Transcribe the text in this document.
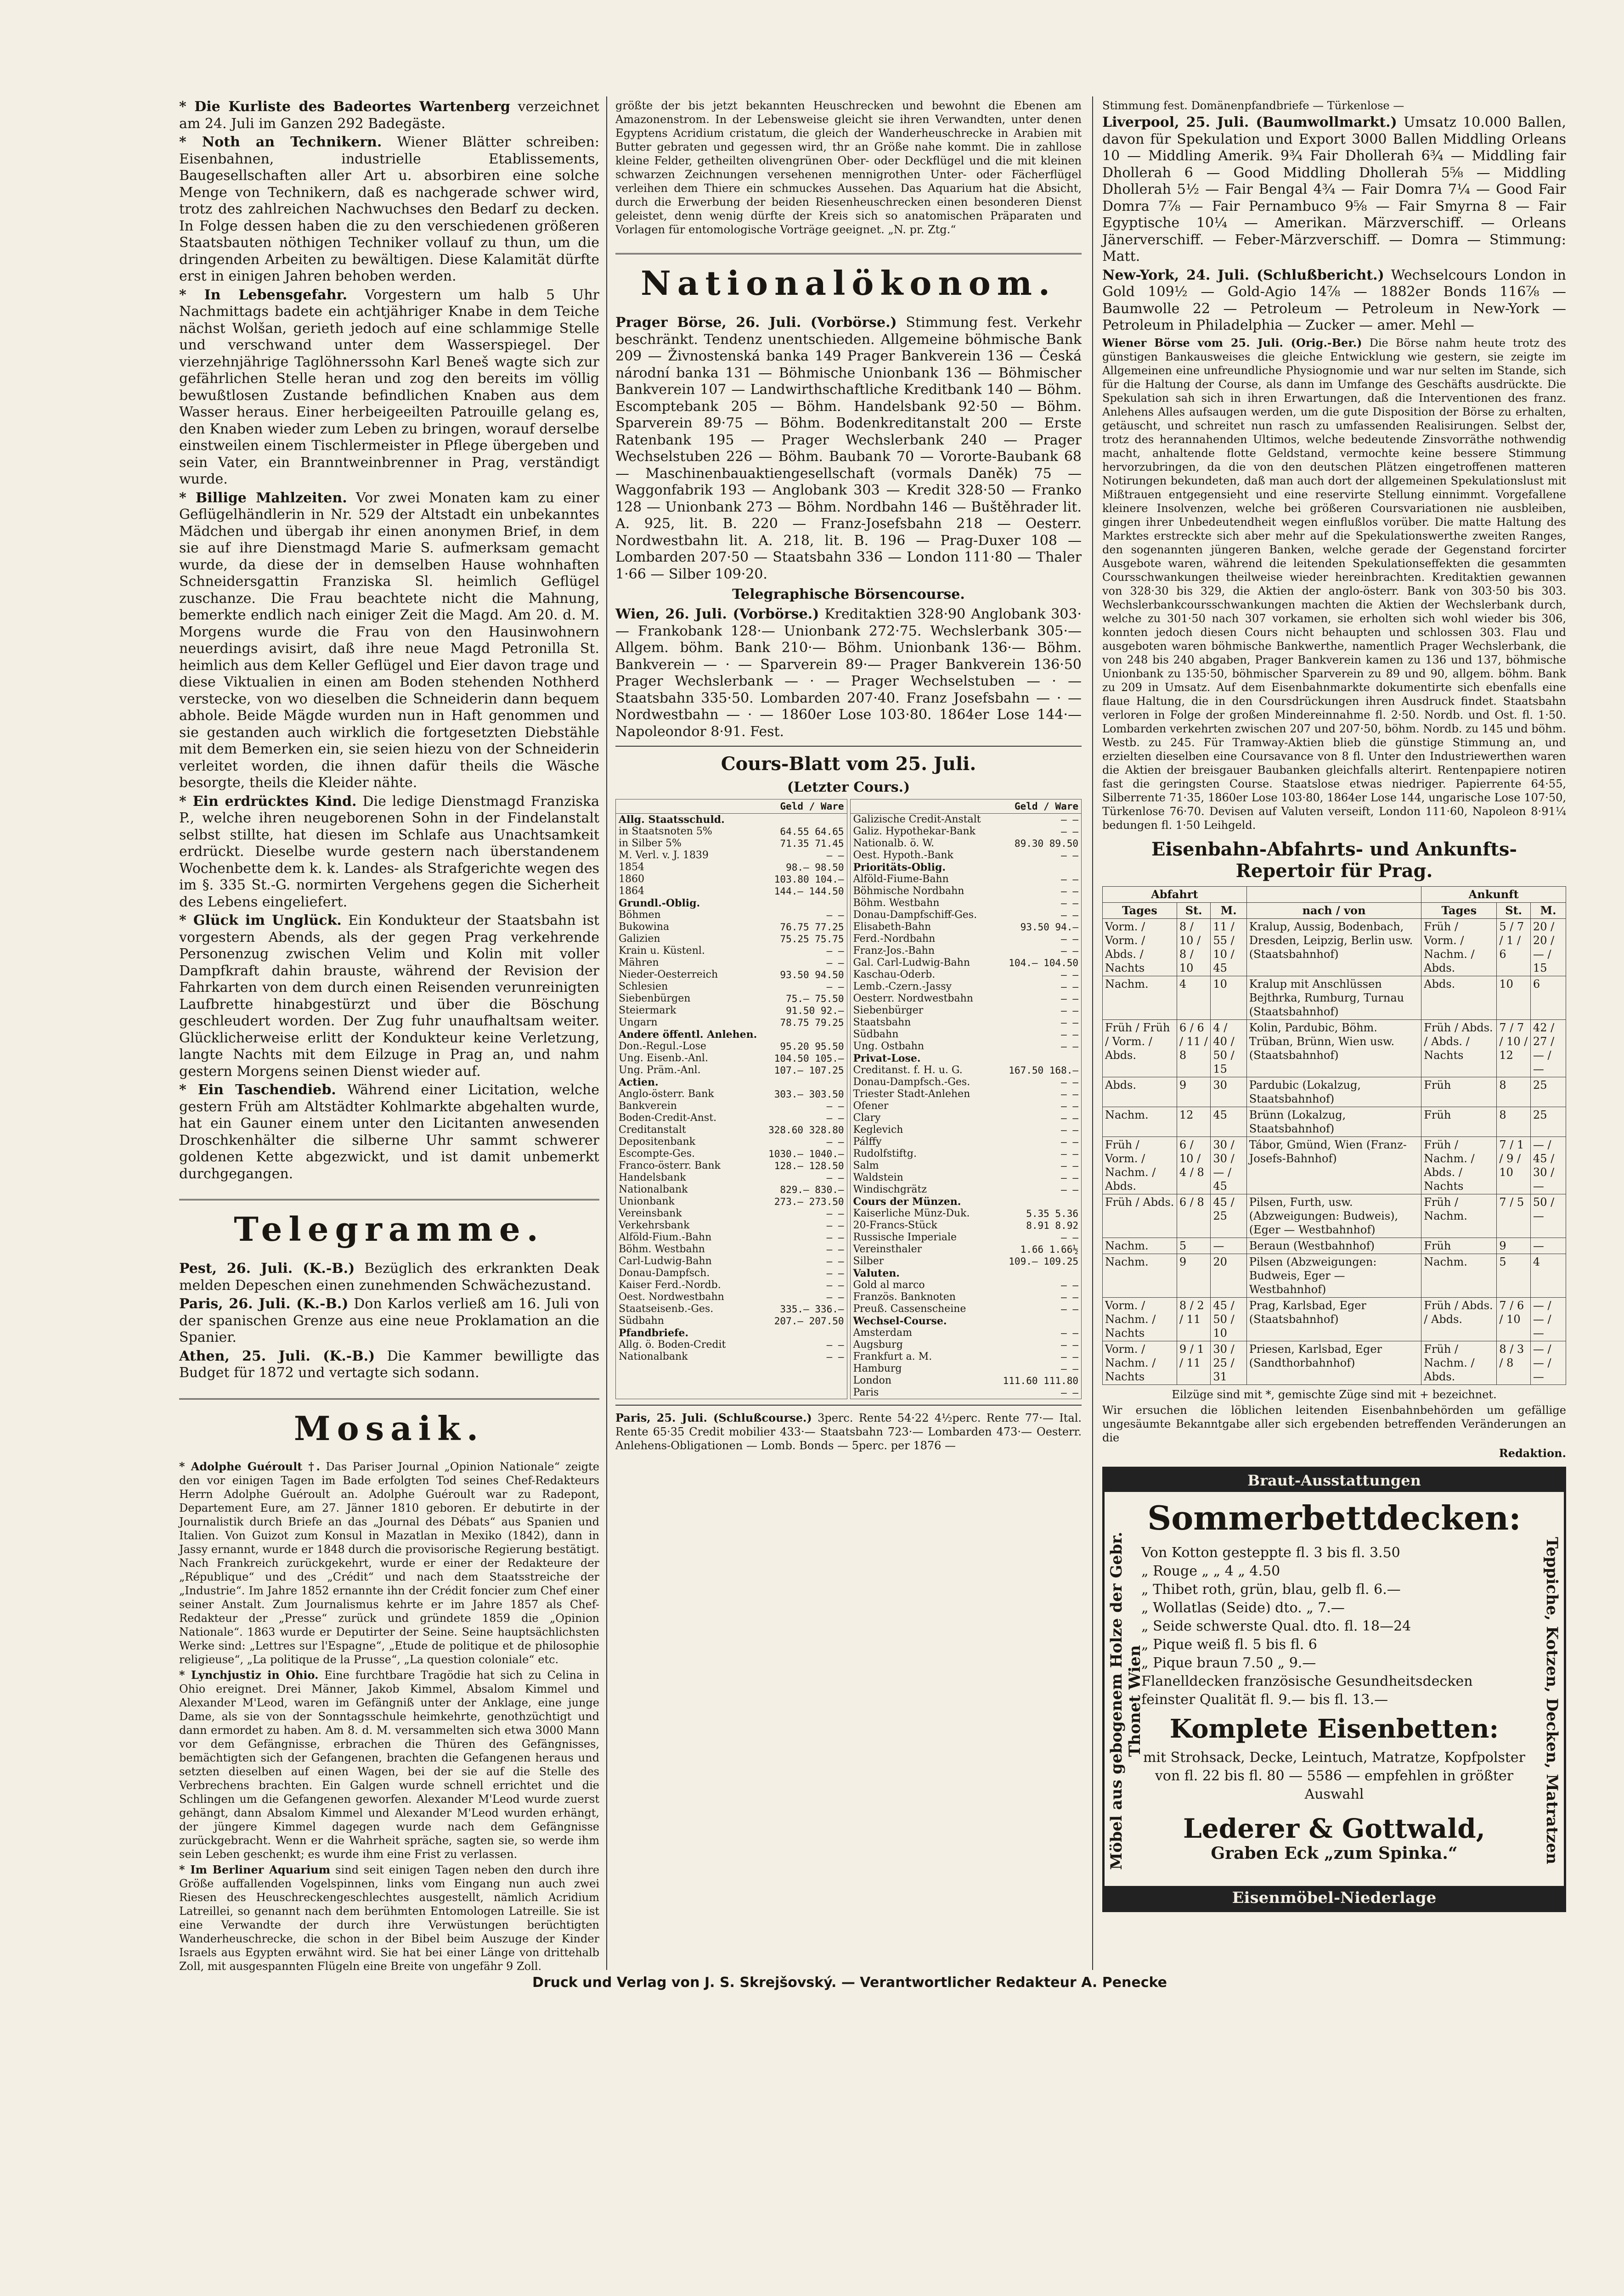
* Die Kurliste des Badeortes Wartenberg verzeichnet am 24. Juli im Ganzen 292 Badegäste.

* Noth an Technikern. Wiener Blätter schreiben: Eisenbahnen, industrielle Etablissements, Baugesellschaften aller Art u. absorbiren eine solche Menge von Technikern, daß es nachgerade schwer wird, trotz des zahlreichen Nachwuchses den Bedarf zu decken. In Folge dessen haben die zu den verschiedenen größeren Staatsbauten nöthigen Techniker vollauf zu thun, um die dringenden Arbeiten zu bewältigen. Diese Kalamität dürfte erst in einigen Jahren behoben werden.

* In Lebensgefahr. Vorgestern um halb 5 Uhr Nachmittags badete ein achtjähriger Knabe in dem Teiche nächst Wolšan, gerieth jedoch auf eine schlammige Stelle und verschwand unter dem Wasserspiegel. Der vierzehnjährige Taglöhnerssohn Karl Beneš wagte sich zur gefährlichen Stelle heran und zog den bereits im völlig bewußtlosen Zustande befindlichen Knaben aus dem Wasser heraus. Einer herbeigeeilten Patrouille gelang es, den Knaben wieder zum Leben zu bringen, worauf derselbe einstweilen einem Tischlermeister in Pflege übergeben und sein Vater, ein Branntweinbrenner in Prag, verständigt wurde.

* Billige Mahlzeiten. Vor zwei Monaten kam zu einer Geflügelhändlerin in Nr. 529 der Altstadt ein unbekanntes Mädchen und übergab ihr einen anonymen Brief, in dem sie auf ihre Dienstmagd Marie S. aufmerksam gemacht wurde, da diese der in demselben Hause wohnhaften Schneidersgattin Franziska Sl. heimlich Geflügel zuschanze. Die Frau beachtete nicht die Mahnung, bemerkte endlich nach einiger Zeit die Magd. Am 20. d. M. Morgens wurde die Frau von den Hausinwohnern neuerdings avisirt, daß ihre neue Magd Petronilla St. heimlich aus dem Keller Geflügel und Eier davon trage und diese Viktualien in einen am Boden stehenden Nothherd verstecke, von wo dieselben die Schneiderin dann bequem abhole. Beide Mägde wurden nun in Haft genommen und sie gestanden auch wirklich die fortgesetzten Diebstähle mit dem Bemerken ein, sie seien hiezu von der Schneiderin verleitet worden, die ihnen dafür theils die Wäsche besorgte, theils die Kleider nähte.

* Ein erdrücktes Kind. Die ledige Dienstmagd Franziska P., welche ihren neugeborenen Sohn in der Findelanstalt selbst stillte, hat diesen im Schlafe aus Unachtsamkeit erdrückt. Dieselbe wurde gestern nach überstandenem Wochenbette dem k. k. Landes- als Strafgerichte wegen des im §. 335 St.-G. normirten Vergehens gegen die Sicherheit des Lebens eingeliefert.

* Glück im Unglück. Ein Kondukteur der Staatsbahn ist vorgestern Abends, als der gegen Prag verkehrende Personenzug zwischen Velim und Kolin mit voller Dampfkraft dahin brauste, während der Revision der Fahrkarten von dem durch einen Reisenden verunreinigten Laufbrette hinabgestürzt und über die Böschung geschleudert worden. Der Zug fuhr unaufhaltsam weiter. Glücklicherweise erlitt der Kondukteur keine Verletzung, langte Nachts mit dem Eilzuge in Prag an, und nahm gestern Morgens seinen Dienst wieder auf.

* Ein Taschendieb. Während einer Licitation, welche gestern Früh am Altstädter Kohlmarkte abgehalten wurde, hat ein Gauner einem unter den Licitanten anwesenden Droschkenhälter die silberne Uhr sammt schwerer goldenen Kette abgezwickt, und ist damit unbemerkt durchgegangen.

Telegramme.

Pest, 26. Juli. (K.-B.) Bezüglich des erkrankten Deak melden Depeschen einen zunehmenden Schwächezustand.

Paris, 26. Juli. (K.-B.) Don Karlos verließ am 16. Juli von der spanischen Grenze aus eine neue Proklamation an die Spanier.

Athen, 25. Juli. (K.-B.) Die Kammer bewilligte das Budget für 1872 und vertagte sich sodann.

Mosaik.

* Adolphe Guéroult †. Das Pariser Journal „Opinion Nationale“ zeigte den vor einigen Tagen im Bade erfolgten Tod seines Chef-Redakteurs Herrn Adolphe Guéroult an. Adolphe Guéroult war zu Radepont, Departement Eure, am 27. Jänner 1810 geboren. Er debutirte in der Journalistik durch Briefe an das „Journal des Débats“ aus Spanien und Italien. Von Guizot zum Konsul in Mazatlan in Mexiko (1842), dann in Jassy ernannt, wurde er 1848 durch die provisorische Regierung bestätigt. Nach Frankreich zurückgekehrt, wurde er einer der Redakteure der „République“ und des „Crédit“ und nach dem Staatsstreiche der „Industrie“. Im Jahre 1852 ernannte ihn der Crédit foncier zum Chef einer seiner Anstalt. Zum Journalismus kehrte er im Jahre 1857 als Chef-Redakteur der „Presse“ zurück und gründete 1859 die „Opinion Nationale“. 1863 wurde er Deputirter der Seine. Seine hauptsächlichsten Werke sind: „Lettres sur l'Espagne“, „Etude de politique et de philosophie religieuse“, „La politique de la Prusse“, „La question coloniale“ etc.

* Lynchjustiz in Ohio. Eine furchtbare Tragödie hat sich zu Celina in Ohio ereignet. Drei Männer, Jakob Kimmel, Absalom Kimmel und Alexander M'Leod, waren im Gefängniß unter der Anklage, eine junge Dame, als sie von der Sonntagsschule heimkehrte, genothzüchtigt und dann ermordet zu haben. Am 8. d. M. versammelten sich etwa 3000 Mann vor dem Gefängnisse, erbrachen die Thüren des Gefängnisses, bemächtigten sich der Gefangenen, brachten die Gefangenen heraus und setzten dieselben auf einen Wagen, bei der sie auf die Stelle des Verbrechens brachten. Ein Galgen wurde schnell errichtet und die Schlingen um die Gefangenen geworfen. Alexander M'Leod wurde zuerst gehängt, dann Absalom Kimmel und Alexander M'Leod wurden erhängt, der jüngere Kimmel dagegen wurde nach dem Gefängnisse zurückgebracht. Wenn er die Wahrheit spräche, sagten sie, so werde ihm sein Leben geschenkt; es wurde ihm eine Frist zu verlassen.

* Im Berliner Aquarium sind seit einigen Tagen neben den durch ihre Größe auffallenden Vogelspinnen, links vom Eingang nun auch zwei Riesen des Heuschreckengeschlechtes ausgestellt, nämlich Acridium Latreillei, so genannt nach dem berühmten Entomologen Latreille. Sie ist eine Verwandte der durch ihre Verwüstungen berüchtigten Wanderheuschrecke, die schon in der Bibel beim Auszuge der Kinder Israels aus Egypten erwähnt wird. Sie hat bei einer Länge von drittehalb Zoll, mit ausgespannten Flügeln eine Breite von ungefähr 9 Zoll.

größte der bis jetzt bekannten Heuschrecken und bewohnt die Ebenen am Amazonenstrom. In der Lebensweise gleicht sie ihren Verwandten, unter denen Egyptens Acridium cristatum, die gleich der Wanderheuschrecke in Arabien mit Butter gebraten und gegessen wird, thr an Größe nahe kommt. Die in zahllose kleine Felder, getheilten olivengrünen Ober- oder Deckflügel und die mit kleinen schwarzen Zeichnungen versehenen mennigrothen Unter- oder Fächerflügel verleihen dem Thiere ein schmuckes Aussehen. Das Aquarium hat die Absicht, durch die Erwerbung der beiden Riesenheuschrecken einen besonderen Dienst geleistet, denn wenig dürfte der Kreis sich so anatomischen Präparaten und Vorlagen für entomologische Vorträge geeignet. „N. pr. Ztg.“

Nationalökonom.

Prager Börse, 26. Juli. (Vorbörse.) Stimmung fest. Verkehr beschränkt. Tendenz unentschieden. Allgemeine böhmische Bank 209 — Živnostenská banka 149 Prager Bankverein 136 — Česká národní banka 131 — Böhmische Unionbank 136 — Böhmischer Bankverein 107 — Landwirthschaftliche Kreditbank 140 — Böhm. Escomptebank 205 — Böhm. Handelsbank 92·50 — Böhm. Sparverein 89·75 — Böhm. Bodenkreditanstalt 200 — Erste Ratenbank 195 — Prager Wechslerbank 240 — Prager Wechselstuben 226 — Böhm. Baubank 70 — Vororte-Baubank 68 — Maschinenbauaktiengesellschaft (vormals Daněk) 75 — Waggonfabrik 193 — Anglobank 303 — Kredit 328·50 — Franko 128 — Unionbank 273 — Böhm. Nordbahn 146 — Buštěhrader lit. A. 925, lit. B. 220 — Franz-Josefsbahn 218 — Oesterr. Nordwestbahn lit. A. 218, lit. B. 196 — Prag-Duxer 108 — Lombarden 207·50 — Staatsbahn 336 — London 111·80 — Thaler 1·66 — Silber 109·20.

Telegraphische Börsencourse.

Wien, 26. Juli. (Vorbörse.) Kreditaktien 328·90 Anglobank 303·— Frankobank 128·— Unionbank 272·75. Wechslerbank 305·— Allgem. böhm. Bank 210·— Böhm. Unionbank 136·— Böhm. Bankverein — · — Sparverein 89·— Prager Bankverein 136·50 Prager Wechslerbank — · — Prager Wechselstuben — · — Staatsbahn 335·50. Lombarden 207·40. Franz Josefsbahn — · — Nordwestbahn — · — 1860er Lose 103·80. 1864er Lose 144·— Napoleondor 8·91. Fest.

Cours-Blatt vom 25. Juli.
(Letzter Cours.)
Geld / Ware
Allg. Staatsschuld.
in Staatsnoten 5%	64.55 64.65
in Silber 5%	71.35 71.45
M. Verl. v. J. 1839	— —
1854	98.— 98.50
1860	103.80 104.—
1864	144.— 144.50
Grundl.-Oblig.
Böhmen	— —
Bukowina	76.75 77.25
Galizien	75.25 75.75
Krain u. Küstenl.	— —
Mähren	— —
Nieder-Oesterreich	93.50 94.50
Schlesien	— —
Siebenbürgen	75.— 75.50
Steiermark	91.50 92.—
Ungarn	78.75 79.25
Andere öffentl. Anlehen.
Don.-Regul.-Lose	95.20 95.50
Ung. Eisenb.-Anl.	104.50 105.—
Ung. Präm.-Anl.	107.— 107.25
Actien.
Anglo-österr. Bank	303.— 303.50
Bankverein	— —
Boden-Credit-Anst.	— —
Creditanstalt	328.60 328.80
Depositenbank	— —
Escompte-Ges.	1030.— 1040.—
Franco-österr. Bank	128.— 128.50
Handelsbank	— —
Nationalbank	829.— 830.—
Unionbank	273.— 273.50
Vereinsbank	— —
Verkehrsbank	— —
Alföld-Fium.-Bahn	— —
Böhm. Westbahn	— —
Carl-Ludwig-Bahn	— —
Donau-Dampfsch.	— —
Kaiser Ferd.-Nordb.	— —
Oest. Nordwestbahn	— —
Staatseisenb.-Ges.	335.— 336.—
Südbahn	207.— 207.50
Pfandbriefe.
Allg. ö. Boden-Credit	— —
Nationalbank	— —
Geld / Ware
Galizische Credit-Anstalt	— —
Galiz. Hypothekar-Bank	— —
Nationalb. ö. W.	89.30 89.50
Oest. Hypoth.-Bank	— —
Prioritäts-Oblig.
Alföld-Fiume-Bahn	— —
Böhmische Nordbahn	— —
Böhm. Westbahn	— —
Donau-Dampfschiff-Ges.	— —
Elisabeth-Bahn	93.50 94.—
Ferd.-Nordbahn	— —
Franz-Jos.-Bahn	— —
Gal. Carl-Ludwig-Bahn	104.— 104.50
Kaschau-Oderb.	— —
Lemb.-Czern.-Jassy	— —
Oesterr. Nordwestbahn	— —
Siebenbürger	— —
Staatsbahn	— —
Südbahn	— —
Ung. Ostbahn	— —
Privat-Lose.
Creditanst. f. H. u. G.	167.50 168.—
Donau-Dampfsch.-Ges.	— —
Triester Stadt-Anlehen	— —
Ofener	— —
Clary	— —
Keglevich	— —
Pálffy	— —
Rudolfstiftg.	— —
Salm	— —
Waldstein	— —
Windischgrätz	— —
Cours der Münzen.
Kaiserliche Münz-Duk.	5.35 5.36
20-Francs-Stück	8.91 8.92
Russische Imperiale	— —
Vereinsthaler	1.66 1.66½
Silber	109.— 109.25
Valuten.
Gold al marco	— —
Französ. Banknoten	— —
Preuß. Cassenscheine	— —
Wechsel-Course.
Amsterdam	— —
Augsburg	— —
Frankfurt a. M.	— —
Hamburg	— —
London	111.60 111.80
Paris	— —

Paris, 25. Juli. (Schlußcourse.) 3perc. Rente 54·22 4½perc. Rente 77·— Ital. Rente 65·35 Credit mobilier 433·— Staatsbahn 723·— Lombarden 473·— Oesterr. Anlehens-Obligationen — Lomb. Bonds — 5perc. per 1876 —

Stimmung fest. Domänenpfandbriefe — Türkenlose —

Liverpool, 25. Juli. (Baumwollmarkt.) Umsatz 10.000 Ballen, davon für Spekulation und Export 3000 Ballen Middling Orleans 10 — Middling Amerik. 9¾ Fair Dhollerah 6¾ — Middling fair Dhollerah 6 — Good Middling Dhollerah 5⅝ — Middling Dhollerah 5½ — Fair Bengal 4¾ — Fair Domra 7¼ — Good Fair Domra 7⅞ — Fair Pernambuco 9⅝ — Fair Smyrna 8 — Fair Egyptische 10¼ — Amerikan. Märzverschiff. — Orleans Jänerverschiff. — Feber-Märzverschiff. — Domra — Stimmung: Matt.

New-York, 24. Juli. (Schlußbericht.) Wechselcours London in Gold 109½ — Gold-Agio 14⅞ — 1882er Bonds 116⅞ — Baumwolle 22 — Petroleum — Petroleum in New-York — Petroleum in Philadelphia — Zucker — amer. Mehl —

Wiener Börse vom 25. Juli. (Orig.-Ber.) Die Börse nahm heute trotz des günstigen Bankausweises die gleiche Entwicklung wie gestern, sie zeigte im Allgemeinen eine unfreundliche Physiognomie und war nur selten im Stande, sich für die Haltung der Course, als dann im Umfange des Geschäfts ausdrückte. Die Spekulation sah sich in ihren Erwartungen, daß die Interventionen des franz. Anlehens Alles aufsaugen werden, um die gute Disposition der Börse zu erhalten, getäuscht, und schreitet nun rasch zu umfassenden Realisirungen. Selbst der, trotz des herannahenden Ultimos, welche bedeutende Zinsvorräthe nothwendig macht, anhaltende flotte Geldstand, vermochte keine bessere Stimmung hervorzubringen, da die von den deutschen Plätzen eingetroffenen matteren Notirungen bekundeten, daß man auch dort der allgemeinen Spekulationslust mit Mißtrauen entgegensieht und eine reservirte Stellung einnimmt. Vorgefallene kleinere Insolvenzen, welche bei größeren Coursvariationen nie ausbleiben, gingen ihrer Unbedeutendheit wegen einflußlos vorüber. Die matte Haltung des Marktes erstreckte sich aber mehr auf die Spekulationswerthe zweiten Ranges, den sogenannten jüngeren Banken, welche gerade der Gegenstand forcirter Ausgebote waren, während die leitenden Spekulationseffekten die gesammten Coursschwankungen theilweise wieder hereinbrachten. Kreditaktien gewannen von 328·30 bis 329, die Aktien der anglo-österr. Bank von 303·50 bis 303. Wechslerbankcoursschwankungen machten die Aktien der Wechslerbank durch, welche zu 301·50 nach 307 vorkamen, sie erholten sich wohl wieder bis 306, konnten jedoch diesen Cours nicht behaupten und schlossen 303. Flau und ausgeboten waren böhmische Bankwerthe, namentlich Prager Wechslerbank, die von 248 bis 240 abgaben, Prager Bankverein kamen zu 136 und 137, böhmische Unionbank zu 135·50, böhmischer Sparverein zu 89 und 90, allgem. böhm. Bank zu 209 in Umsatz. Auf dem Eisenbahnmarkte dokumentirte sich ebenfalls eine flaue Haltung, die in den Coursdrückungen ihren Ausdruck findet. Staatsbahn verloren in Folge der großen Mindereinnahme fl. 2·50. Nordb. und Ost. fl. 1·50. Lombarden verkehrten zwischen 207 und 207·50, böhm. Nordb. zu 145 und böhm. Westb. zu 245. Für Tramway-Aktien blieb die günstige Stimmung an, und erzielten dieselben eine Coursavance von 8 fl. Unter den Industriewerthen waren die Aktien der breisgauer Baubanken gleichfalls alterirt. Rentenpapiere notiren fast die geringsten Course. Staatslose etwas niedriger. Papierrente 64·55, Silberrente 71·35, 1860er Lose 103·80, 1864er Lose 144, ungarische Lose 107·50, Türkenlose 76·70. Devisen auf Valuten verseift, London 111·60, Napoleon 8·91¼ bedungen fl. 1·50 Leihgeld.

Eisenbahn-Abfahrts- und Ankunfts-Repertoir für Prag.
Abfahrt				Ankunft		
Tages	St.	M.	nach / von	Tages	St.	M.
Vorm. / Vorm. / Abds. / Nachts	8 / 10 / 8 / 10	11 / 55 / 10 / 45	Kralup, Aussig, Bodenbach, Dresden, Leipzig, Berlin usw. (Staatsbahnhof)	Früh / Vorm. / Nachm. / Abds.	5 / 7 / 1 / 6	20 / 20 / — / 15
Nachm.	4	10	Kralup mit Anschlüssen Bejthrka, Rumburg, Turnau (Staatsbahnhof)	Abds.	10	6
Früh / Früh / Vorm. / Abds.	6 / 6 / 11 / 8	4 / 40 / 50 / 15	Kolin, Pardubic, Böhm. Trüban, Brünn, Wien usw. (Staatsbahnhof)	Früh / Abds. / Abds. / Nachts	7 / 7 / 10 / 12	42 / 27 / — / —
Abds.	9	30	Pardubic (Lokalzug, Staatsbahnhof)	Früh	8	25
Nachm.	12	45	Brünn (Lokalzug, Staatsbahnhof)	Früh	8	25
Früh / Vorm. / Nachm. / Abds.	6 / 10 / 4 / 8	30 / 30 / — / 45	Tábor, Gmünd, Wien (Franz-Josefs-Bahnhof)	Früh / Nachm. / Abds. / Nachts	7 / 1 / 9 / 10	— / 45 / 30 / —
Früh / Abds.	6 / 8	45 / 25	Pilsen, Furth, usw. (Abzweigungen: Budweis), (Eger — Westbahnhof)	Früh / Nachm.	7 / 5	50 / —
Nachm.	5	—	Beraun (Westbahnhof)	Früh	9	—
Nachm.	9	20	Pilsen (Abzweigungen: Budweis, Eger — Westbahnhof)	Nachm.	5	4
Vorm. / Nachm. / Nachts	8 / 2 / 11	45 / 50 / 10	Prag, Karlsbad, Eger (Staatsbahnhof)	Früh / Abds. / Abds.	7 / 6 / 10	— / — / —
Vorm. / Nachm. / Nachts	9 / 1 / 11	30 / 25 / 31	Priesen, Karlsbad, Eger (Sandthorbahnhof)	Früh / Nachm. / Abds.	8 / 3 / 8	— / — / —

Eilzüge sind mit *, gemischte Züge sind mit + bezeichnet.

Wir ersuchen die löblichen leitenden Eisenbahnbehörden um gefällige ungesäumte Bekanntgabe aller sich ergebenden betreffenden Veränderungen an die

Redaktion.

Braut-Ausstattungen
Möbel aus gebogenem Holze der Gebr. Thonet Wien	Teppiche, Kotzen, Decken, Matratzen
Sommerbettdecken:
Von Kotton gesteppte fl. 3 bis fl. 3.50
„ Rouge „ „ 4 „ 4.50
„ Thibet roth, grün, blau, gelb fl. 6.—
„ Wollatlas (Seide) dto. „ 7.—
„ Seide schwerste Qual. dto. fl. 18—24
„ Pique weiß fl. 5 bis fl. 6
„ Pique braun 7.50 „ 9.—
Flanelldecken französische Gesundheitsdecken feinster Qualität fl. 9.— bis fl. 13.—
Komplete Eisenbetten:
mit Strohsack, Decke, Leintuch, Matratze, Kopfpolster von fl. 22 bis fl. 80 — 5586 — empfehlen in größter Auswahl
Lederer & Gottwald,
Graben Eck „zum Spinka.“
Eisenmöbel-Niederlage
Druck und Verlag von J. S. Skrejšovský. — Verantwortlicher Redakteur A. Penecke
